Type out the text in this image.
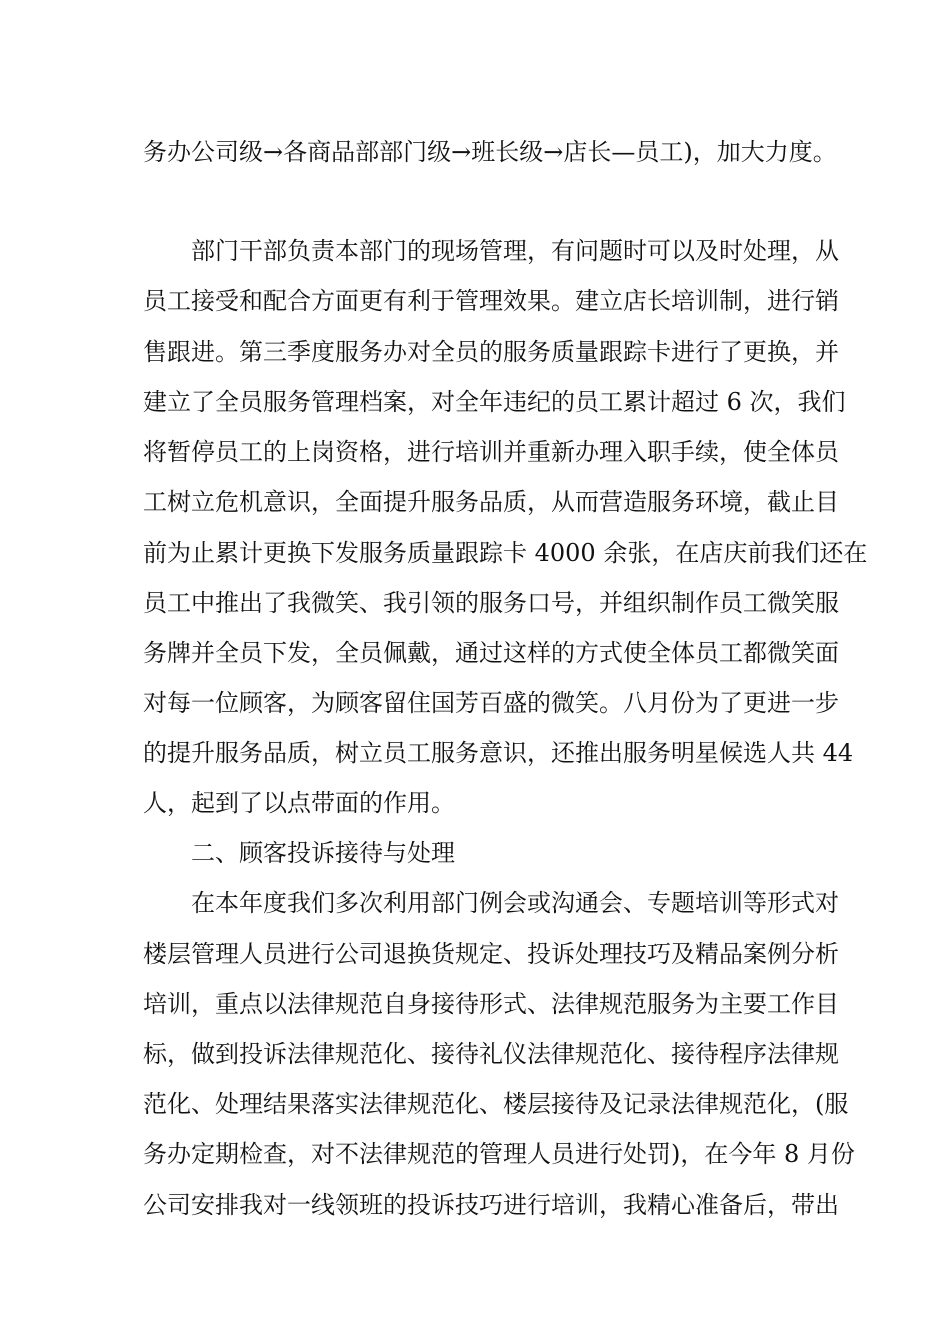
务办公司级→各商品部部门级→班长级→店长—员工)，加大力度。

部门干部负责本部门的现场管理，有问题时可以及时处理，从

员工接受和配合方面更有利于管理效果。建立店长培训制，进行销

售跟进。第三季度服务办对全员的服务质量跟踪卡进行了更换，并

建立了全员服务管理档案，对全年违纪的员工累计超过 6 次，我们

将暂停员工的上岗资格，进行培训并重新办理入职手续，使全体员

工树立危机意识，全面提升服务品质，从而营造服务环境，截止目

前为止累计更换下发服务质量跟踪卡 4000 余张，在店庆前我们还在

员工中推出了我微笑、我引领的服务口号，并组织制作员工微笑服

务牌并全员下发，全员佩戴，通过这样的方式使全体员工都微笑面

对每一位顾客，为顾客留住国芳百盛的微笑。八月份为了更进一步

的提升服务品质，树立员工服务意识，还推出服务明星候选人共 44

人，起到了以点带面的作用。

二、顾客投诉接待与处理

在本年度我们多次利用部门例会或沟通会、专题培训等形式对

楼层管理人员进行公司退换货规定、投诉处理技巧及精品案例分析

培训，重点以法律规范自身接待形式、法律规范服务为主要工作目

标，做到投诉法律规范化、接待礼仪法律规范化、接待程序法律规

范化、处理结果落实法律规范化、楼层接待及记录法律规范化，(服

务办定期检查，对不法律规范的管理人员进行处罚)，在今年 8 月份

公司安排我对一线领班的投诉技巧进行培训，我精心准备后，带出
